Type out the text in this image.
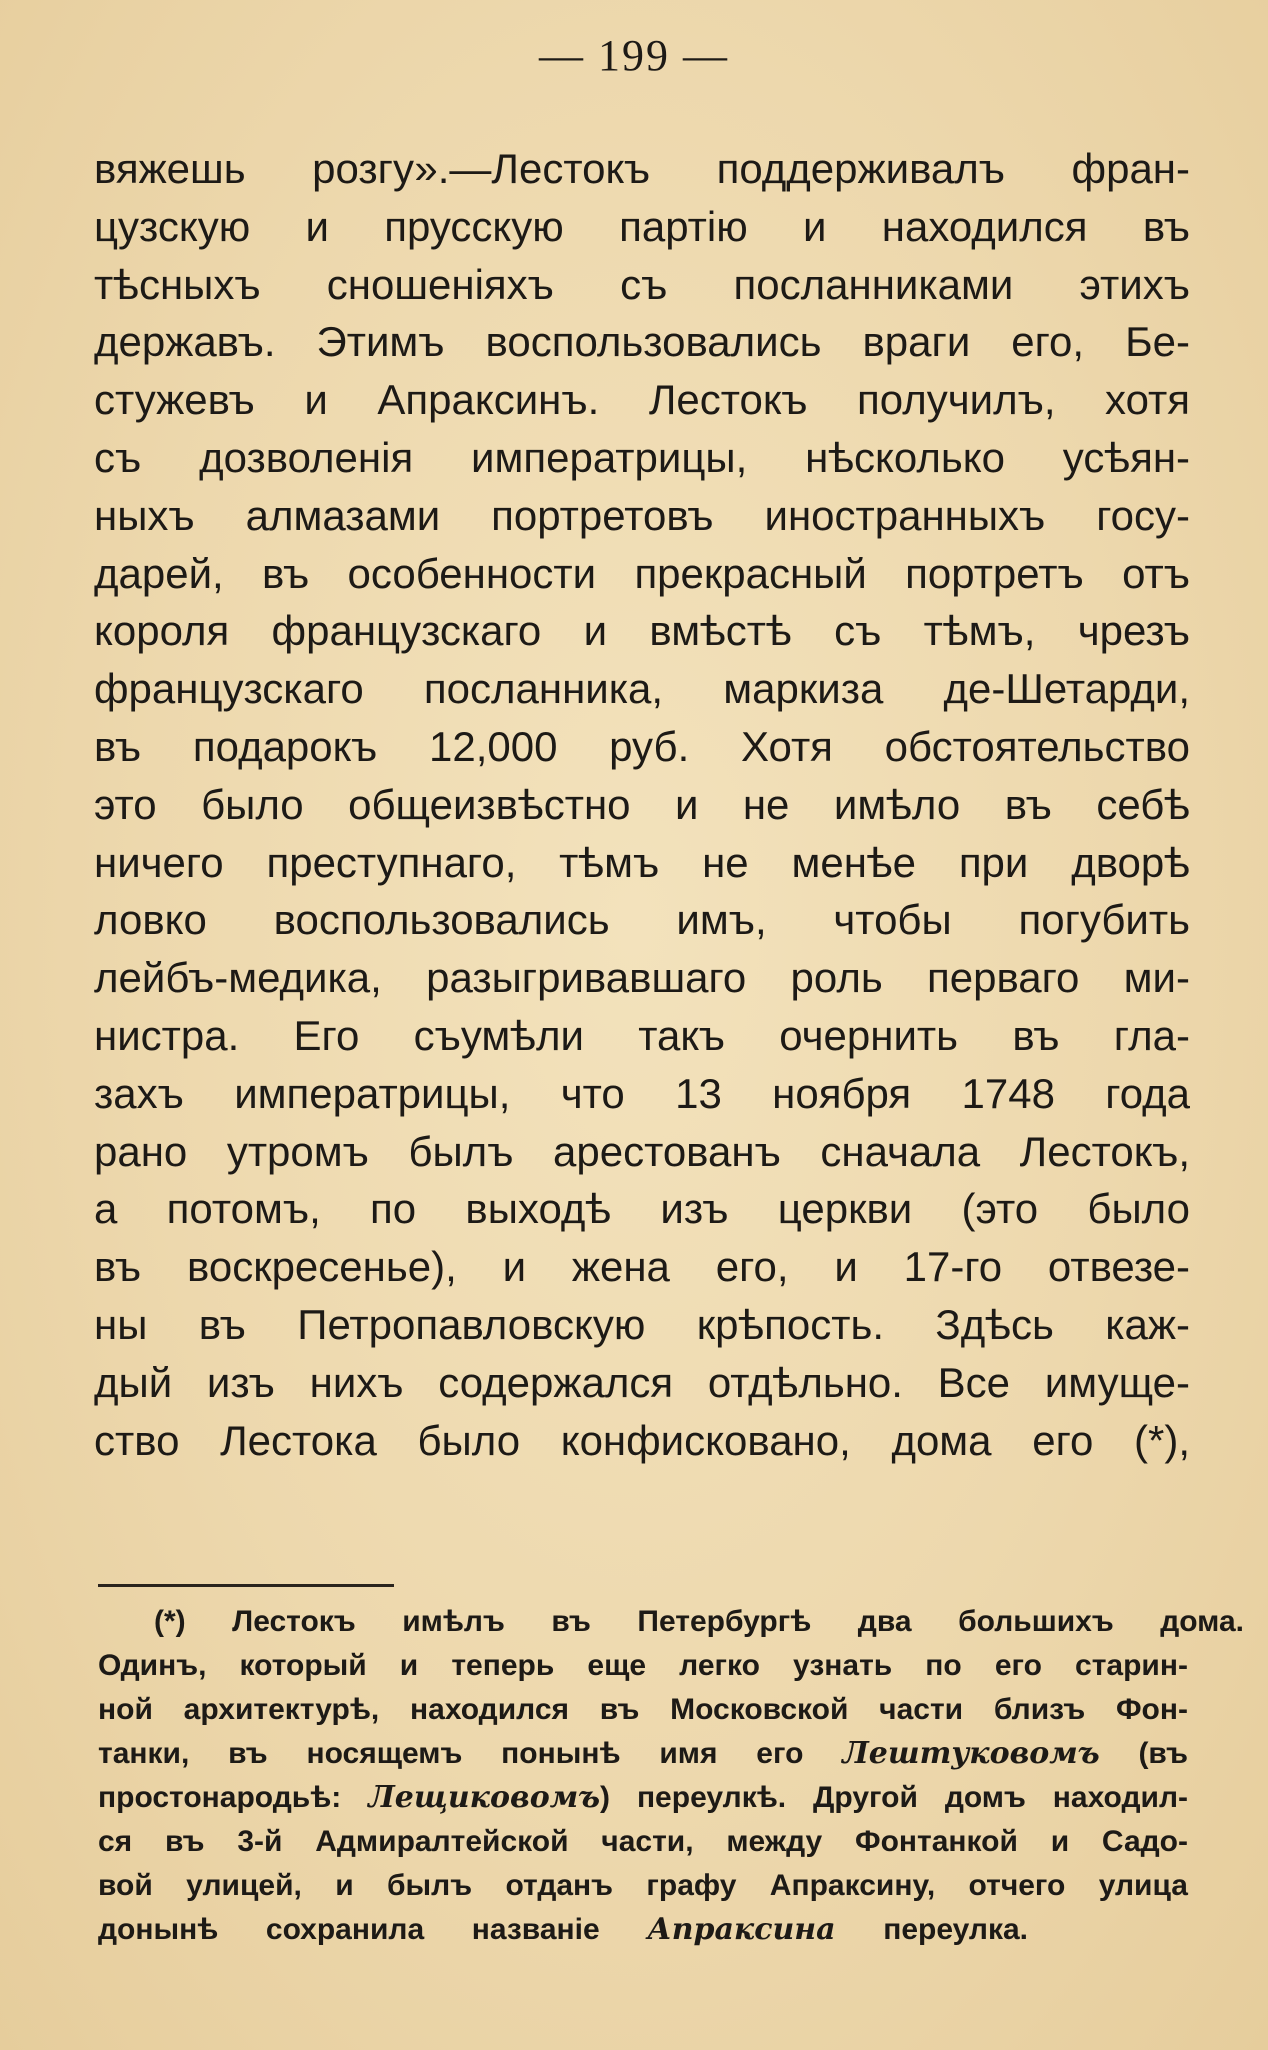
— 199 —
вяжешь розгу».—Лестокъ поддерживалъ фран-
цузскую и прусскую партію и находился въ
тѣсныхъ сношеніяхъ съ посланниками этихъ
державъ. Этимъ воспользовались враги его, Бе-
стужевъ и Апраксинъ. Лестокъ получилъ, хотя
съ дозволенія императрицы, нѣсколько усѣян-
ныхъ алмазами портретовъ иностранныхъ госу-
дарей, въ особенности прекрасный портретъ отъ
короля французскаго и вмѣстѣ съ тѣмъ, чрезъ
французскаго посланника, маркиза де-Шетарди,
въ подарокъ 12,000 руб. Хотя обстоятельство
это было общеизвѣстно и не имѣло въ себѣ
ничего преступнаго, тѣмъ не менѣе при дворѣ
ловко воспользовались имъ, чтобы погубить
лейбъ-медика, разыгривавшаго роль перваго ми-
нистра. Его съумѣли такъ очернить въ гла-
захъ императрицы, что 13 ноября 1748 года
рано утромъ былъ арестованъ сначала Лестокъ,
а потомъ, по выходѣ изъ церкви (это было
въ воскресенье), и жена его, и 17-го отвезе-
ны въ Петропавловскую крѣпость. Здѣсь каж-
дый изъ нихъ содержался отдѣльно. Все имуще-
ство Лестока было конфисковано, дома его (*),
(*) Лестокъ имѣлъ въ Петербургѣ два большихъ дома.
Одинъ, который и теперь еще легко узнать по его старин-
ной архитектурѣ, находился въ Московской части близъ Фон-
танки, въ носящемъ понынѣ имя его Лештуковомъ (въ
простонародьѣ: Лещиковомъ) переулкѣ. Другой домъ находил-
ся въ 3-й Адмиралтейской части, между Фонтанкой и Садо-
вой улицей, и былъ отданъ графу Апраксину, отчего улица
донынѣ сохранила названіе Апраксина переулка.
